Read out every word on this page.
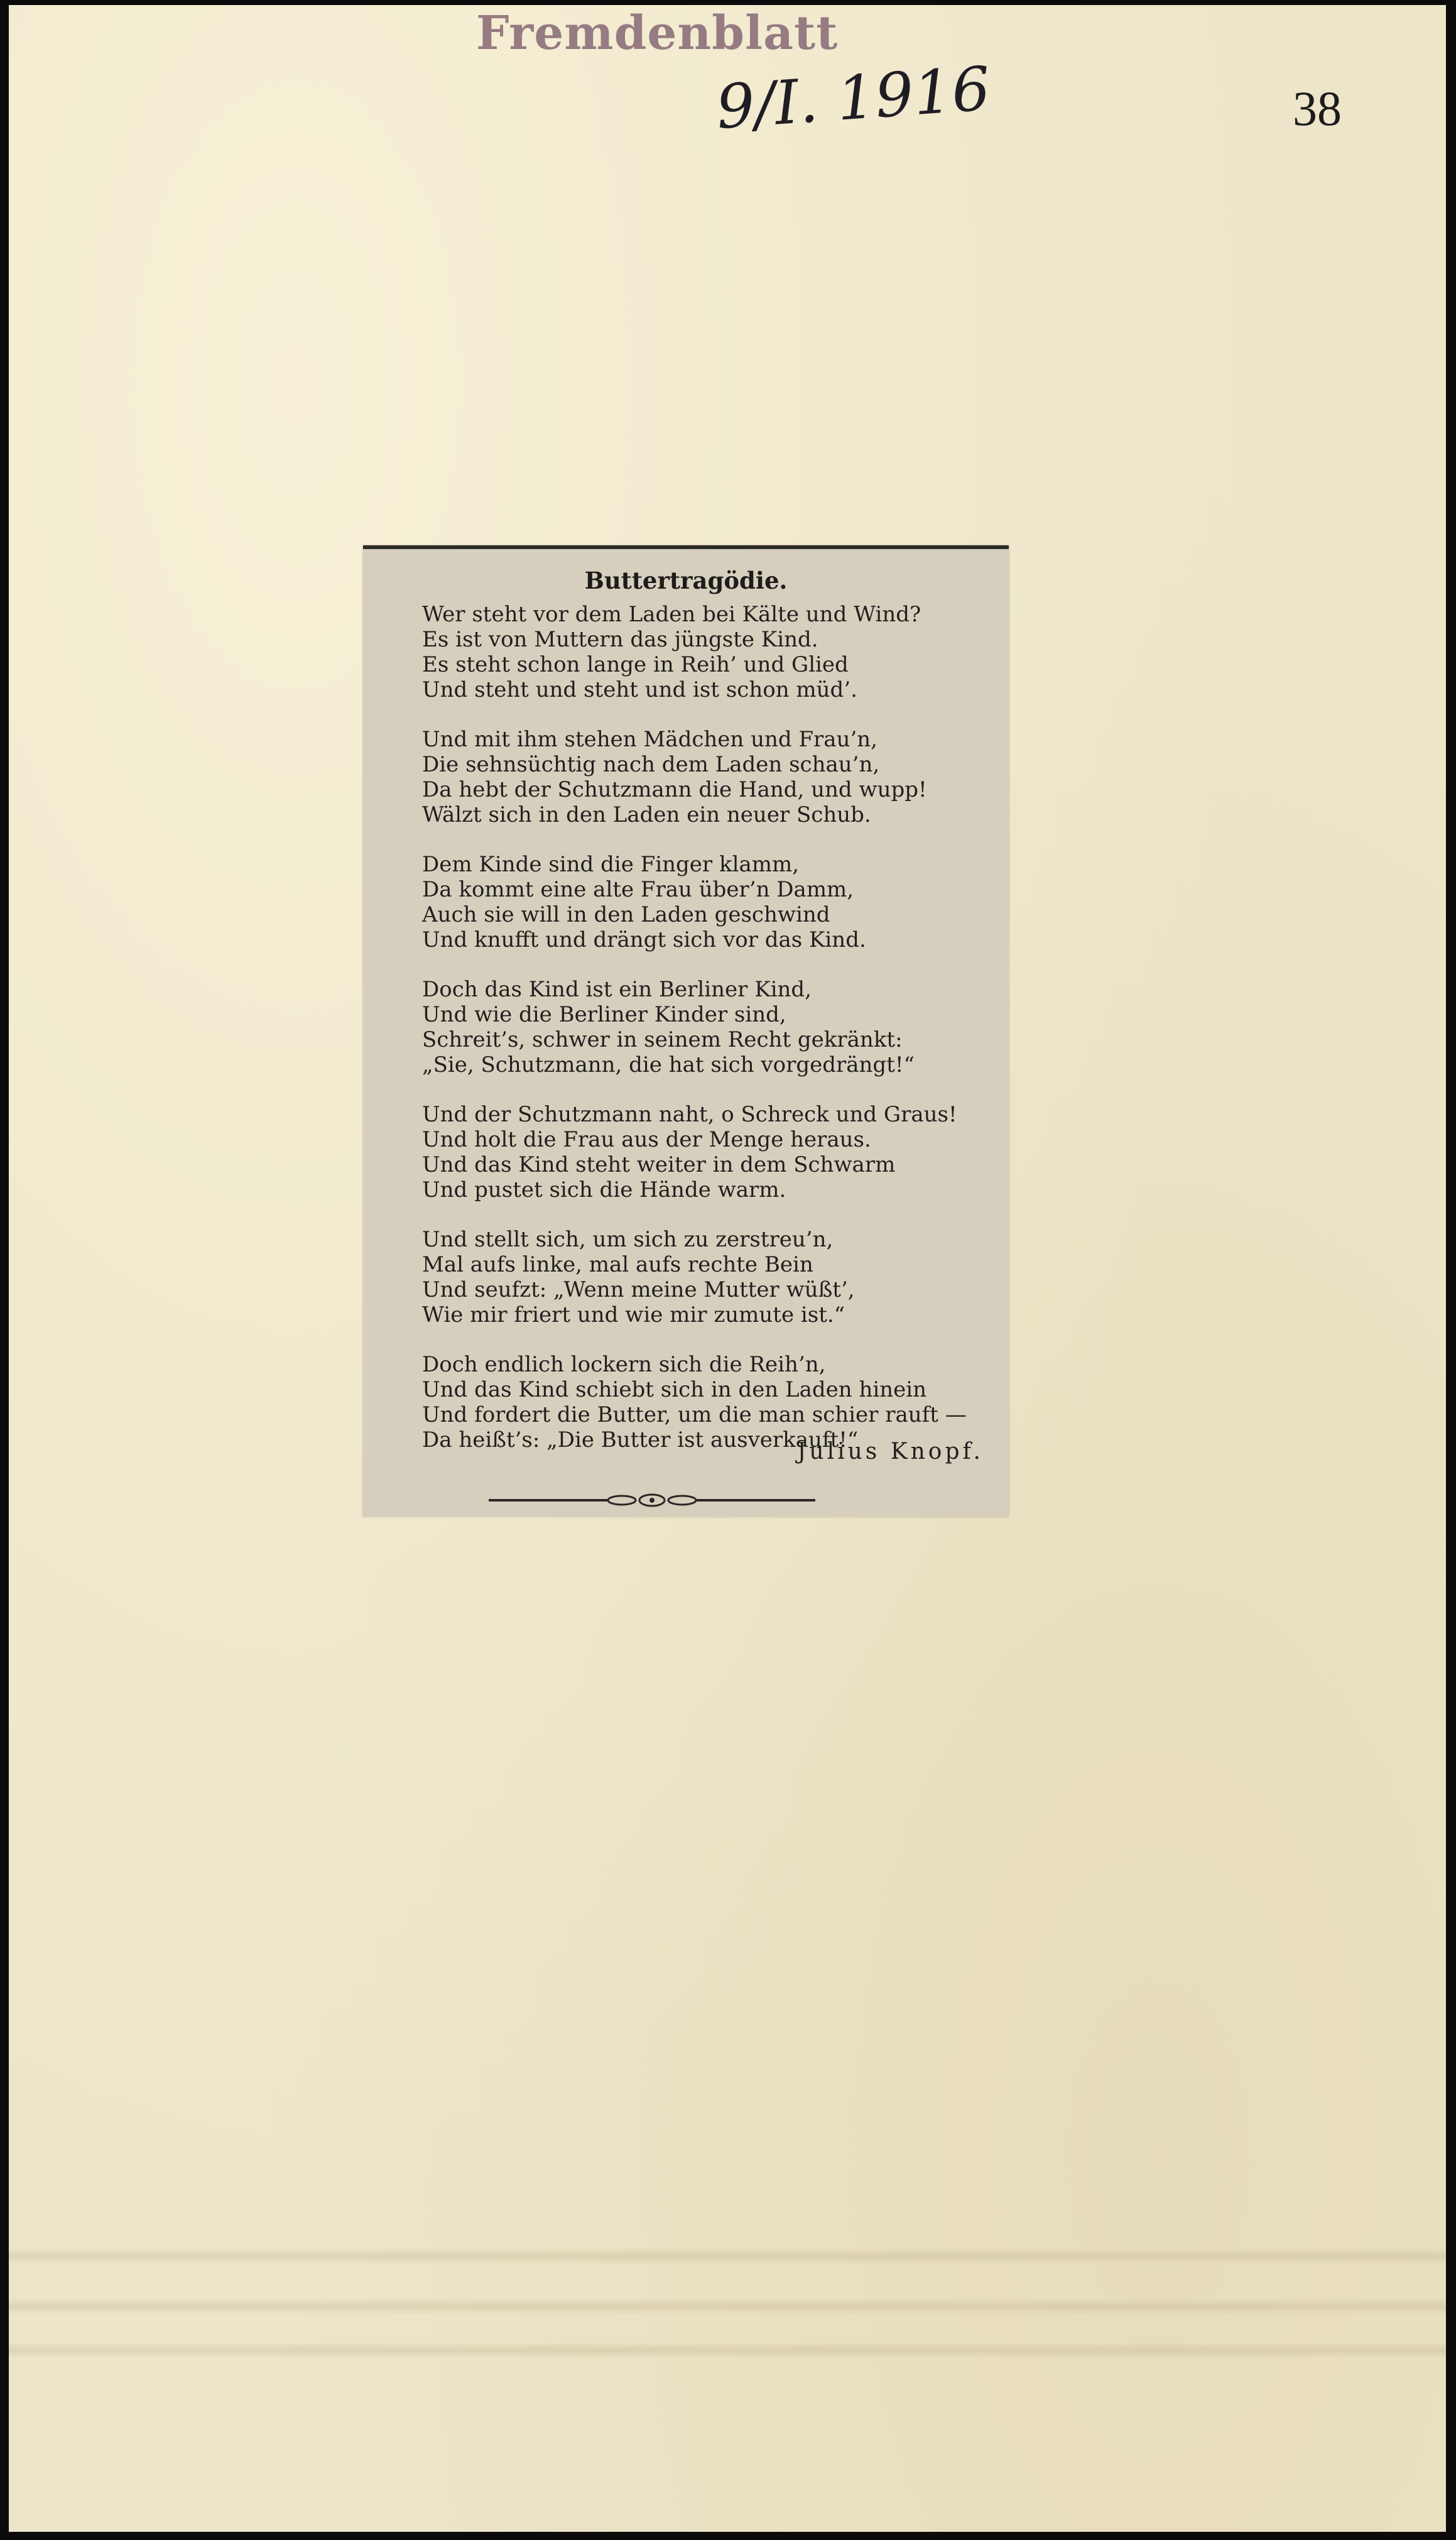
Fremdenblatt
9/I. 1916	38
Buttertragödie.
Wer steht vor dem Laden bei Kälte und Wind?
Es ist von Muttern das jüngste Kind.
Es steht schon lange in Reih’ und Glied
Und steht und steht und ist schon müd’.
Und mit ihm stehen Mädchen und Frau’n,
Die sehnsüchtig nach dem Laden schau’n,
Da hebt der Schutzmann die Hand, und wupp!
Wälzt sich in den Laden ein neuer Schub.
Dem Kinde sind die Finger klamm,
Da kommt eine alte Frau über’n Damm,
Auch sie will in den Laden geschwind
Und knufft und drängt sich vor das Kind.
Doch das Kind ist ein Berliner Kind,
Und wie die Berliner Kinder sind,
Schreit’s, schwer in seinem Recht gekränkt:
„Sie, Schutzmann, die hat sich vorgedrängt!“
Und der Schutzmann naht, o Schreck und Graus!
Und holt die Frau aus der Menge heraus.
Und das Kind steht weiter in dem Schwarm
Und pustet sich die Hände warm.
Und stellt sich, um sich zu zerstreu’n,
Mal aufs linke, mal aufs rechte Bein
Und seufzt: „Wenn meine Mutter wüßt’,
Wie mir friert und wie mir zumute ist.“
Doch endlich lockern sich die Reih’n,
Und das Kind schiebt sich in den Laden hinein
Und fordert die Butter, um die man schier rauft —
Da heißt’s: „Die Butter ist ausverkauft!“
Julius Knopf.
